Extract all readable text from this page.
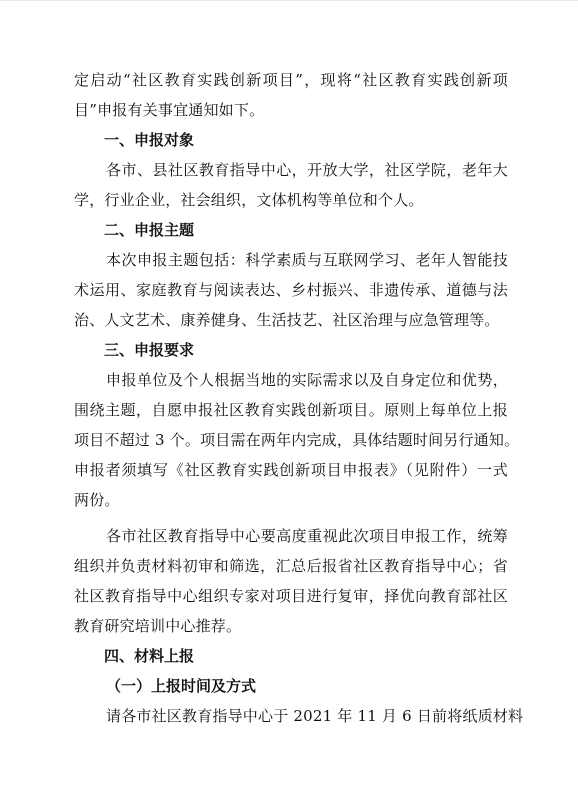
定启动“社区教育实践创新项目”，现将“社区教育实践创新项
目”申报有关事宜通知如下。
一、申报对象
各市、县社区教育指导中心，开放大学，社区学院，老年大
学，行业企业，社会组织，文体机构等单位和个人。
二、申报主题
本次申报主题包括：科学素质与互联网学习、老年人智能技
术运用、家庭教育与阅读表达、乡村振兴、非遗传承、道德与法
治、人文艺术、康养健身、生活技艺、社区治理与应急管理等。
三、申报要求
申报单位及个人根据当地的实际需求以及自身定位和优势，
围绕主题，自愿申报社区教育实践创新项目。原则上每单位上报
项目不超过 3 个。项目需在两年内完成，具体结题时间另行通知。
申报者须填写《社区教育实践创新项目申报表》（见附件）一式
两份。
各市社区教育指导中心要高度重视此次项目申报工作，统筹
组织并负责材料初审和筛选，汇总后报省社区教育指导中心；省
社区教育指导中心组织专家对项目进行复审，择优向教育部社区
教育研究培训中心推荐。
四、材料上报
（一）上报时间及方式
请各市社区教育指导中心于 2021 年 11 月 6 日前将纸质材料
